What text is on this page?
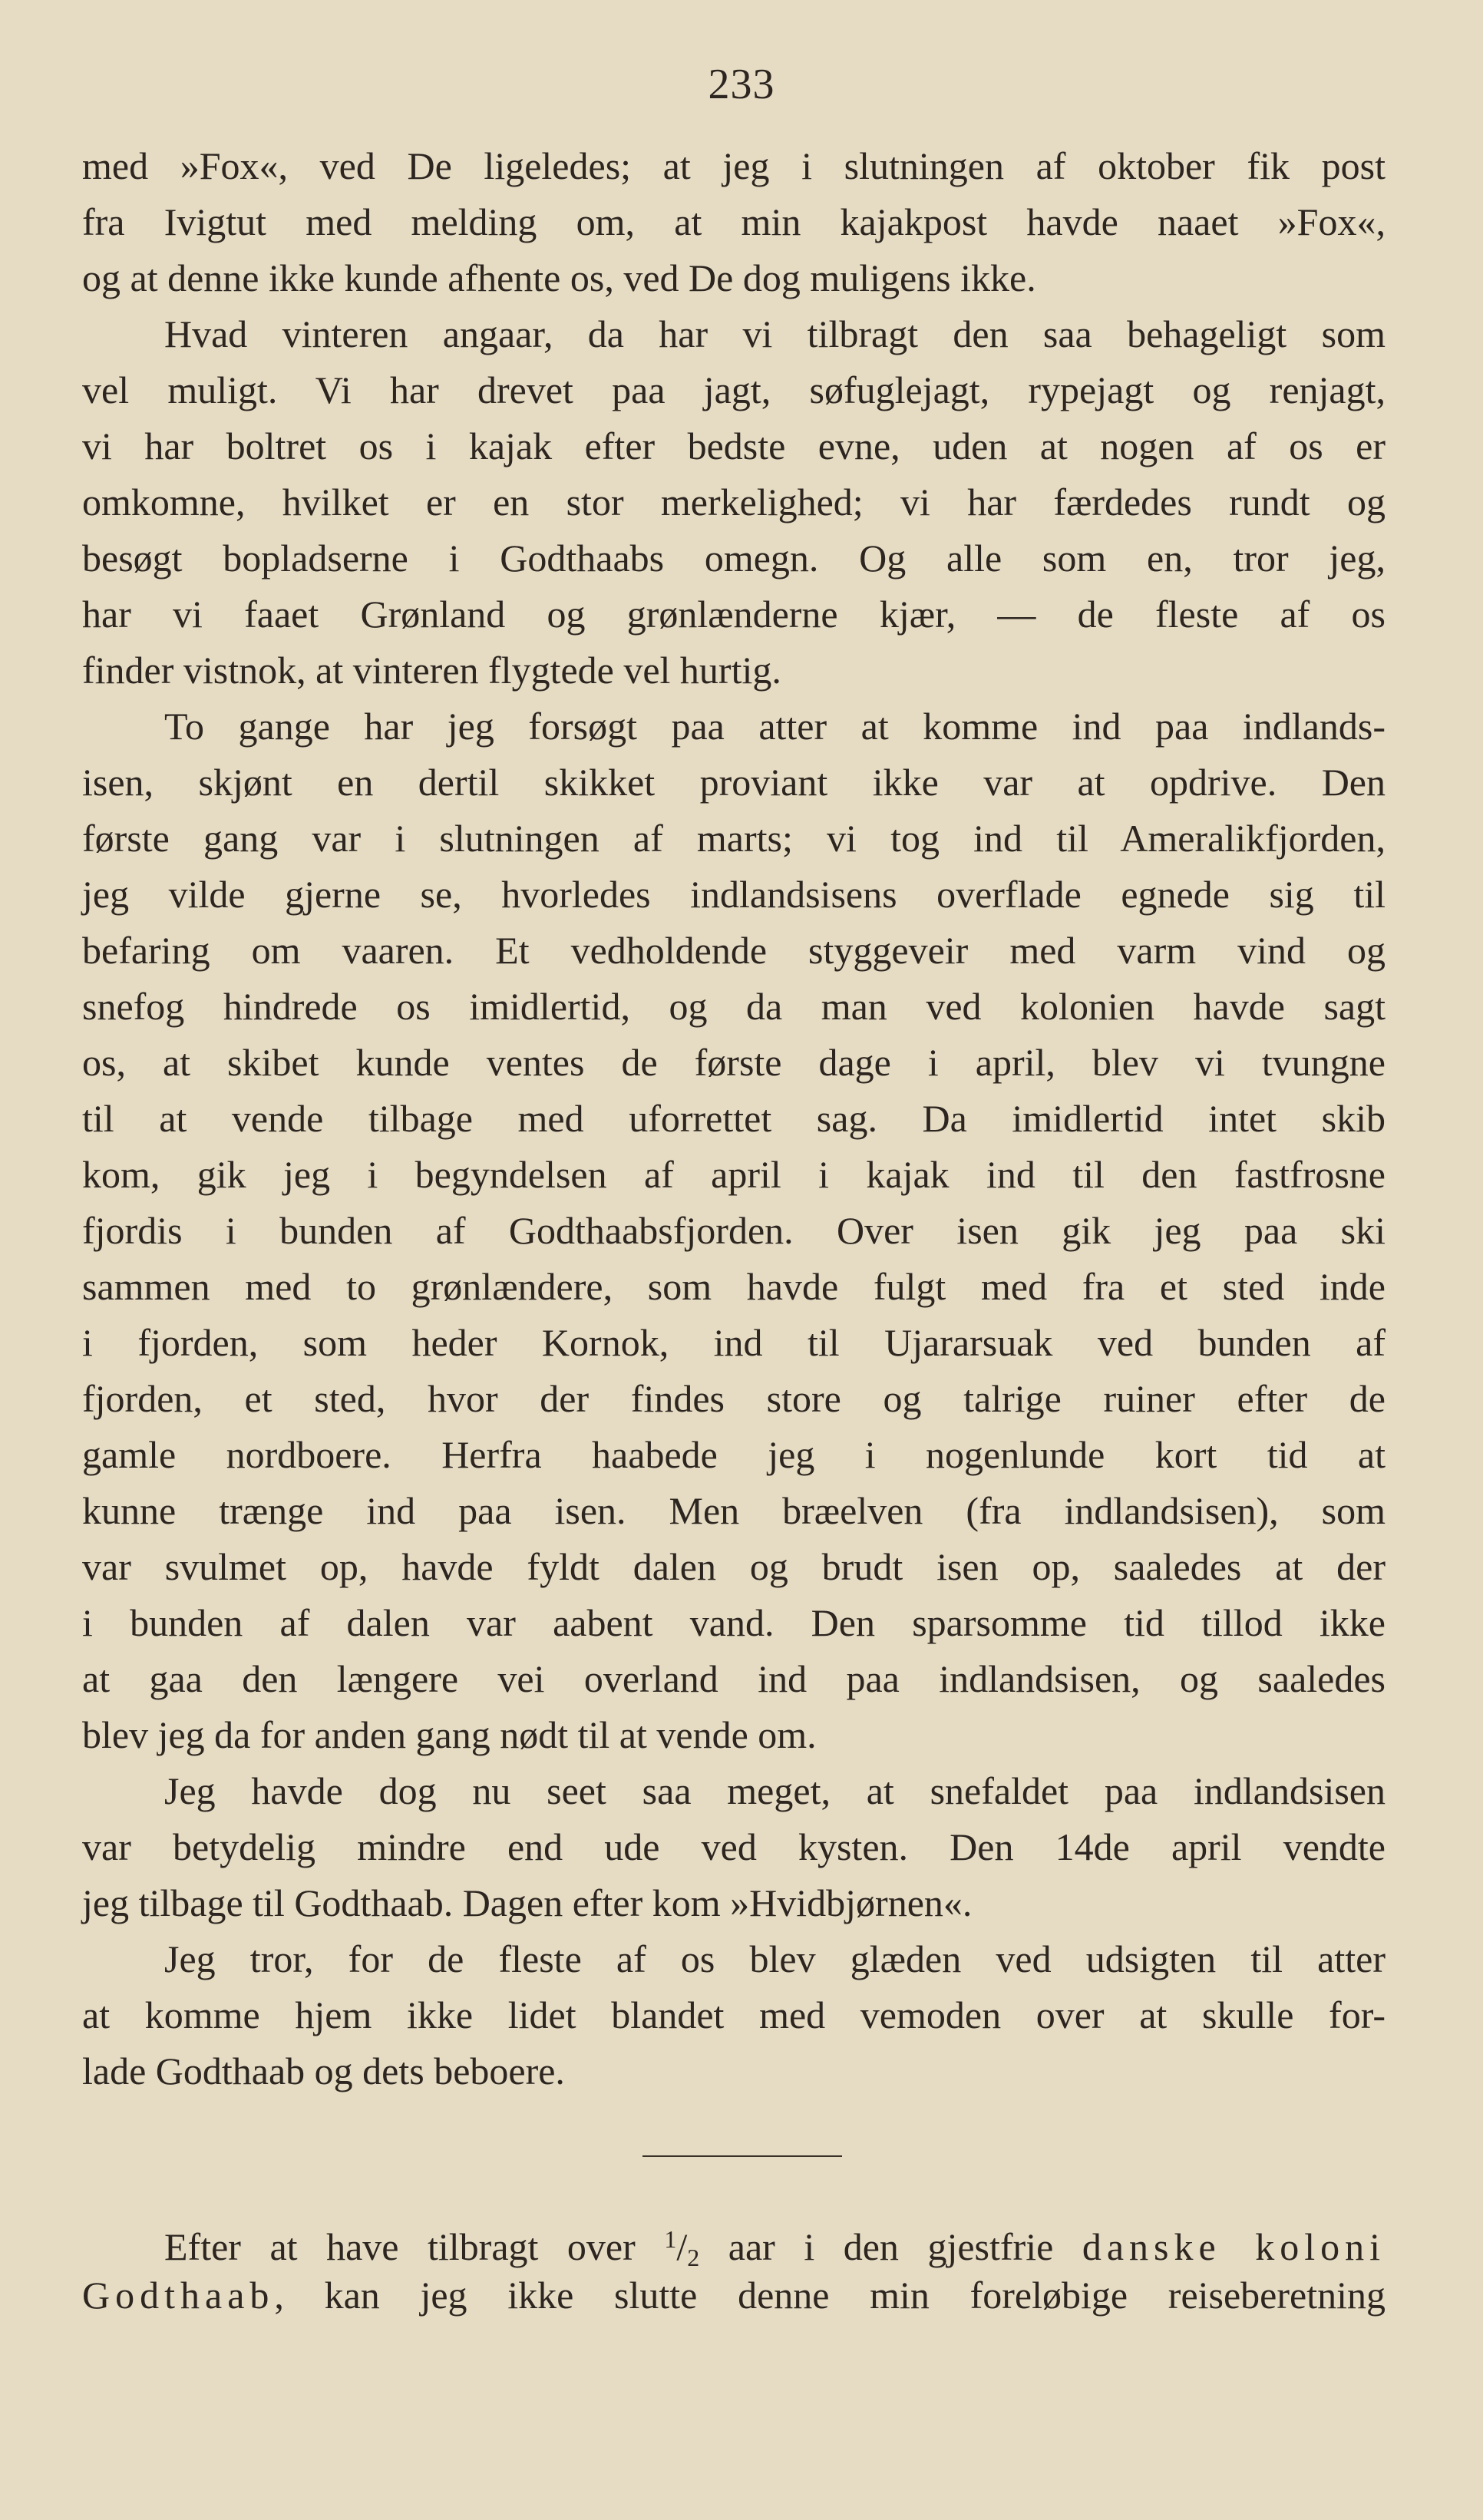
233
med »Fox«, ved De ligeledes; at jeg i slutningen af oktober fik post
fra Ivigtut med melding om, at min kajakpost havde naaet »Fox«,
og at denne ikke kunde afhente os, ved De dog muligens ikke.
Hvad vinteren angaar, da har vi tilbragt den saa behageligt som
vel muligt. Vi har drevet paa jagt, søfuglejagt, rypejagt og renjagt,
vi har boltret os i kajak efter bedste evne, uden at nogen af os er
omkomne, hvilket er en stor merkelighed; vi har færdedes rundt og
besøgt bopladserne i Godthaabs omegn. Og alle som en, tror jeg,
har vi faaet Grønland og grønlænderne kjær, — de fleste af os
finder vistnok, at vinteren flygtede vel hurtig.
To gange har jeg forsøgt paa atter at komme ind paa indlands-
isen, skjønt en dertil skikket proviant ikke var at opdrive. Den
første gang var i slutningen af marts; vi tog ind til Ameralikfjorden,
jeg vilde gjerne se, hvorledes indlandsisens overflade egnede sig til
befaring om vaaren. Et vedholdende styggeveir med varm vind og
snefog hindrede os imidlertid, og da man ved kolonien havde sagt
os, at skibet kunde ventes de første dage i april, blev vi tvungne
til at vende tilbage med uforrettet sag. Da imidlertid intet skib
kom, gik jeg i begyndelsen af april i kajak ind til den fastfrosne
fjordis i bunden af Godthaabsfjorden. Over isen gik jeg paa ski
sammen med to grønlændere, som havde fulgt med fra et sted inde
i fjorden, som heder Kornok, ind til Ujararsuak ved bunden af
fjorden, et sted, hvor der findes store og talrige ruiner efter de
gamle nordboere. Herfra haabede jeg i nogenlunde kort tid at
kunne trænge ind paa isen. Men bræelven (fra indlandsisen), som
var svulmet op, havde fyldt dalen og brudt isen op, saaledes at der
i bunden af dalen var aabent vand. Den sparsomme tid tillod ikke
at gaa den længere vei overland ind paa indlandsisen, og saaledes
blev jeg da for anden gang nødt til at vende om.
Jeg havde dog nu seet saa meget, at snefaldet paa indlandsisen
var betydelig mindre end ude ved kysten. Den 14de april vendte
jeg tilbage til Godthaab. Dagen efter kom »Hvidbjørnen«.
Jeg tror, for de fleste af os blev glæden ved udsigten til atter
at komme hjem ikke lidet blandet med vemoden over at skulle for-
lade Godthaab og dets beboere.
Efter at have tilbragt over $^1/_2$ aar i den gjestfrie danske koloni
Godthaab, kan jeg ikke slutte denne min foreløbige reiseberetning
